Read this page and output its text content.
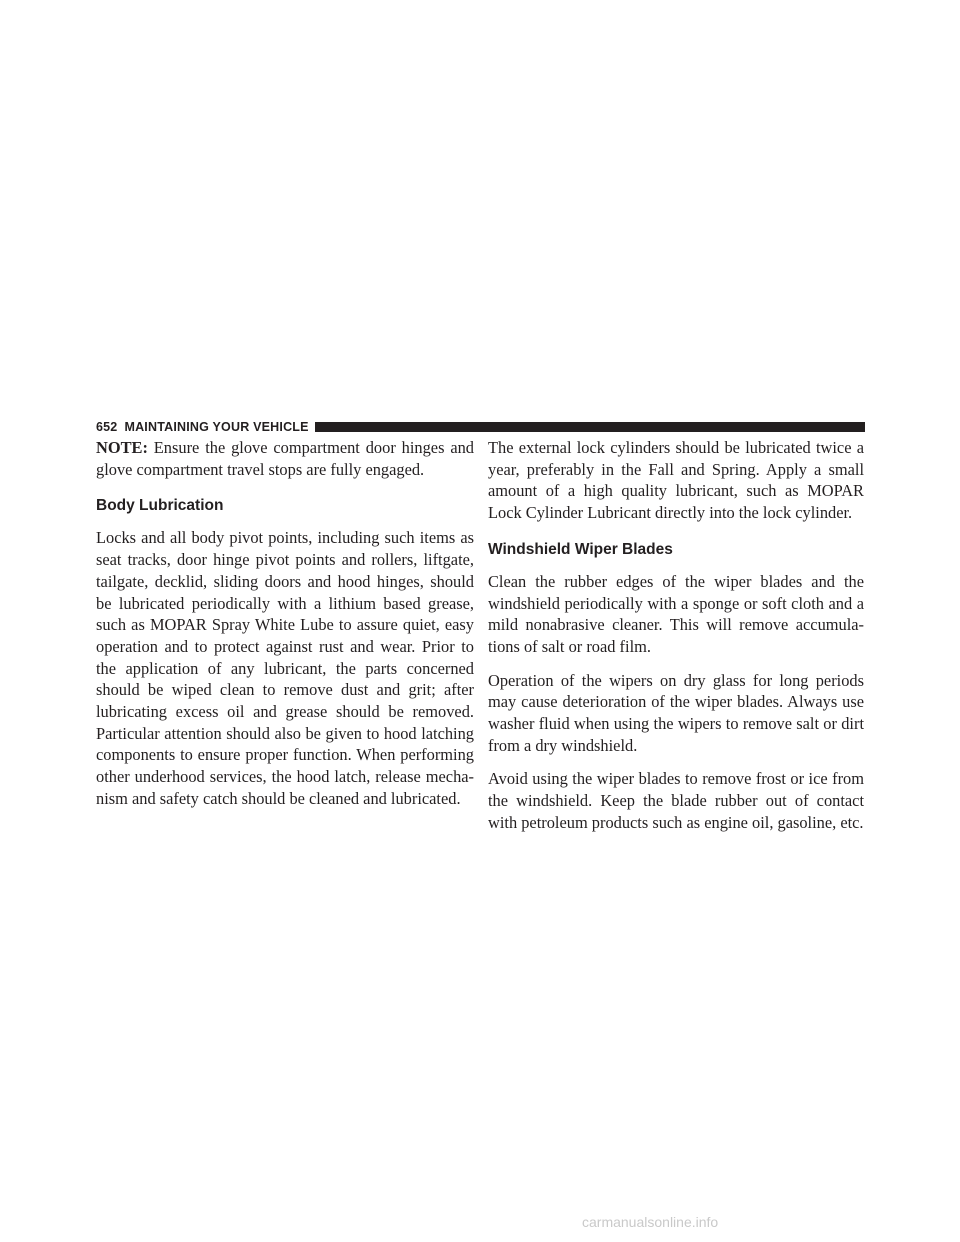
652 MAINTAINING YOUR VEHICLE

NOTE: Ensure the glove compartment door hinges and glove compartment travel stops are fully engaged.

Body Lubrication

Locks and all body pivot points, including such items as seat tracks, door hinge pivot points and rollers, liftgate, tailgate, decklid, sliding doors and hood hinges, should be lubricated periodically with a lithium based grease, such as MOPAR Spray White Lube to assure quiet, easy operation and to protect against rust and wear. Prior to the application of any lubricant, the parts concerned should be wiped clean to remove dust and grit; after lubricating excess oil and grease should be removed. Particular attention should also be given to hood latching components to ensure proper function. When performing other underhood services, the hood latch, release mecha-nism and safety catch should be cleaned and lubricated.

The external lock cylinders should be lubricated twice a year, preferably in the Fall and Spring. Apply a small amount of a high quality lubricant, such as MOPAR Lock Cylinder Lubricant directly into the lock cylinder.

Windshield Wiper Blades

Clean the rubber edges of the wiper blades and the windshield periodically with a sponge or soft cloth and a mild nonabrasive cleaner. This will remove accumula-tions of salt or road film.

Operation of the wipers on dry glass for long periods may cause deterioration of the wiper blades. Always use washer fluid when using the wipers to remove salt or dirt from a dry windshield.

Avoid using the wiper blades to remove frost or ice from the windshield. Keep the blade rubber out of contact with petroleum products such as engine oil, gasoline, etc.

carmanualsonline.info
